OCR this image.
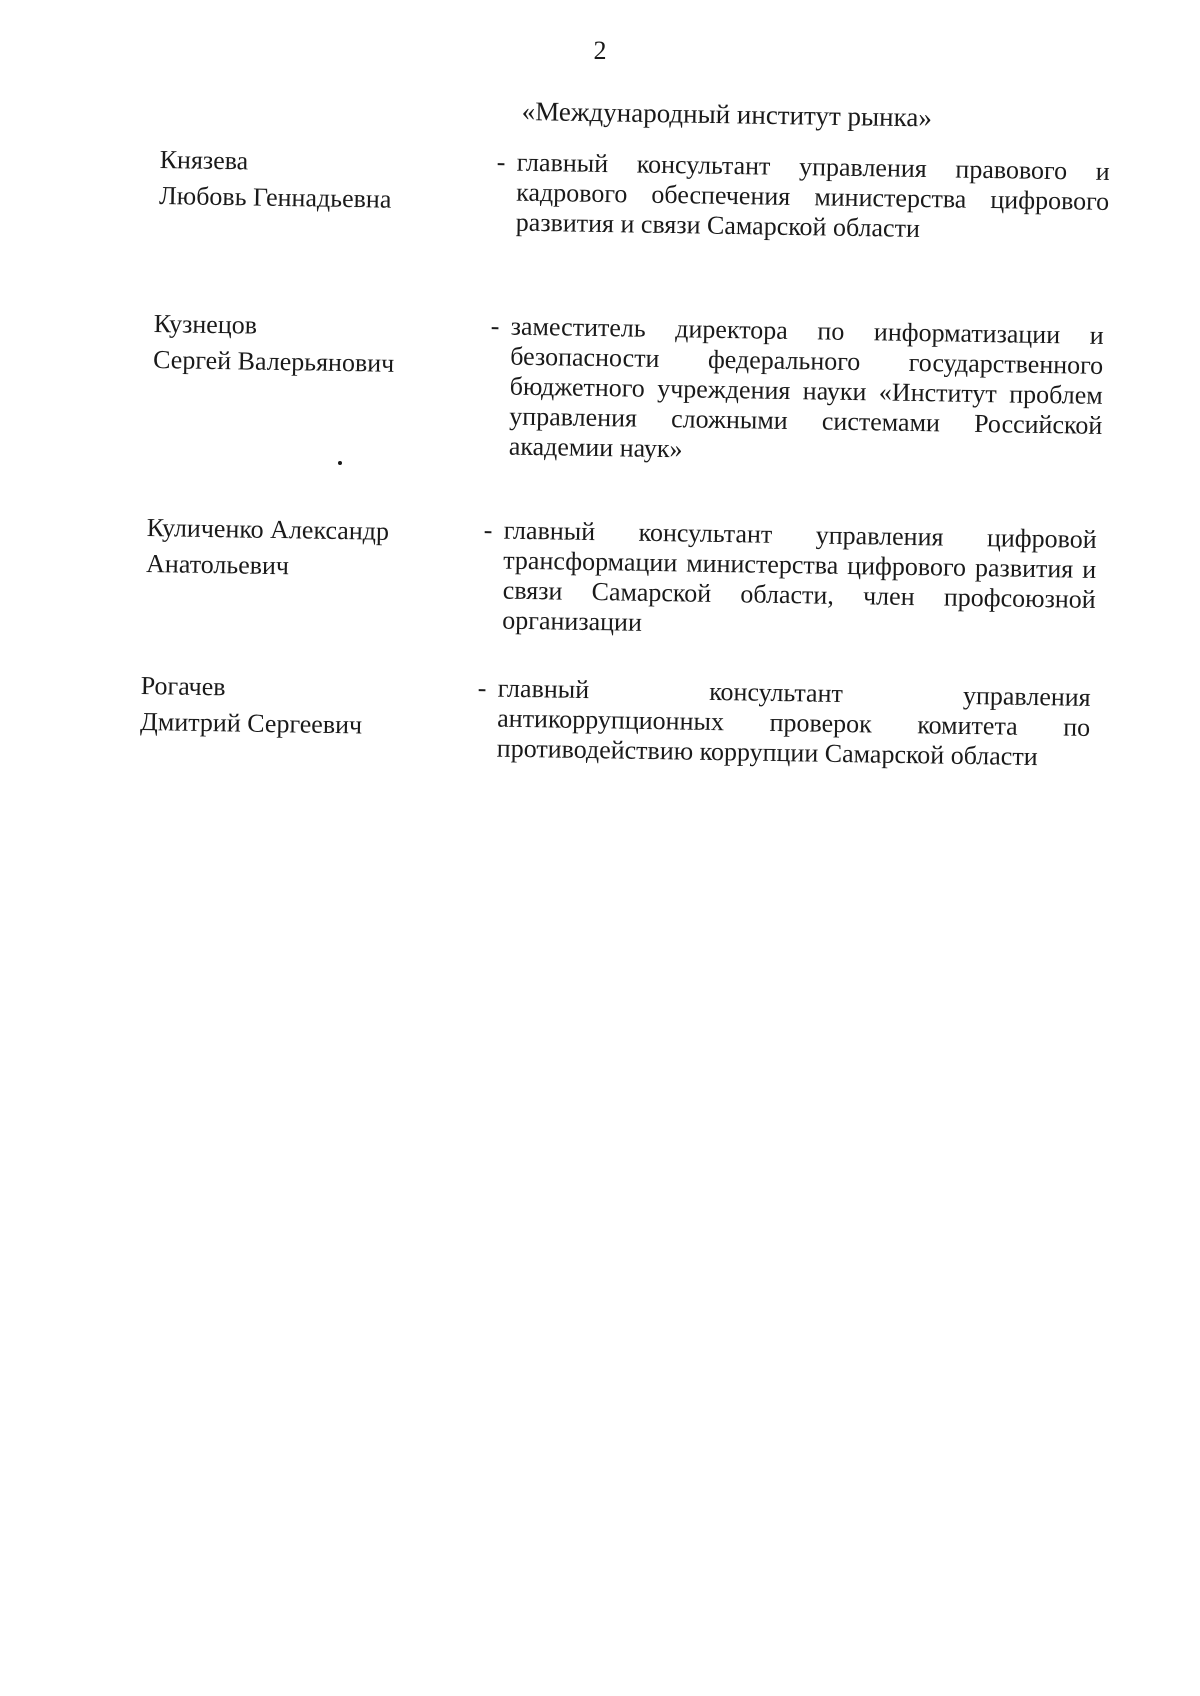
2
«Международный институт рынка»
Князева
Любовь Геннадьевна
- главный консультант управления правового и кадрового обеспечения министерства цифрового развития и связи Самарской области
Кузнецов
Сергей Валерьянович
- заместитель директора по информатизации и безопасности федерального государственного бюджетного учреждения науки «Институт проблем управления сложными системами Российской академии наук»
Куличенко Александр
Анатольевич
- главный консультант управления цифровой трансформации министерства цифрового развития и связи Самарской области, член профсоюзной организации
Рогачев
Дмитрий Сергеевич
- главный консультант управления антикоррупционных проверок комитета по противодействию коррупции Самарской области
